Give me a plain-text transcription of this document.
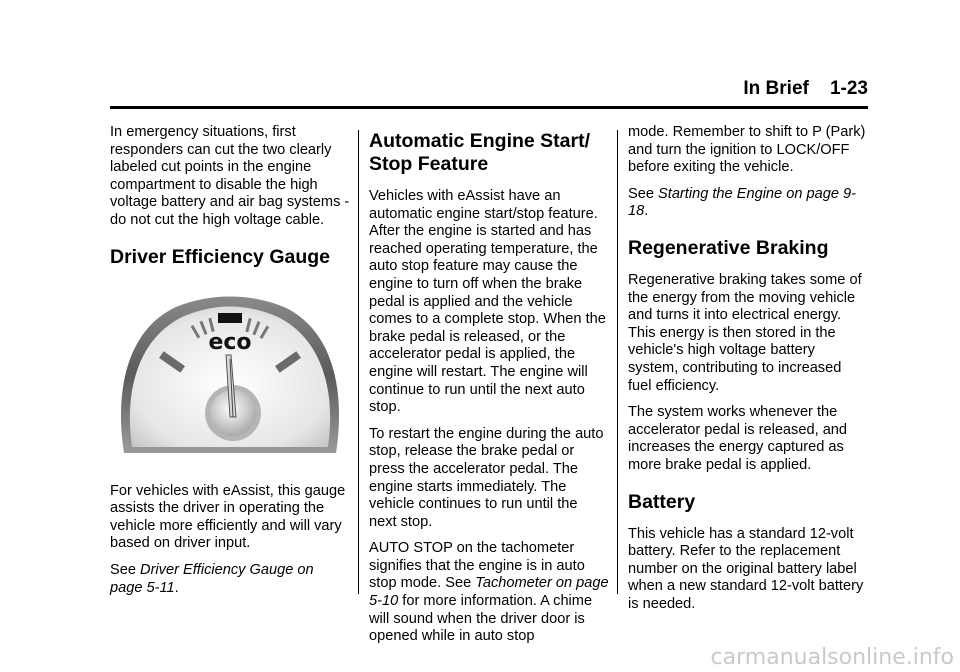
In Brief 1-23

In emergency situations, first responders can cut the two clearly labeled cut points in the engine compartment to disable the high voltage battery and air bag systems - do not cut the high voltage cable.

Driver Efficiency Gauge
eco

For vehicles with eAssist, this gauge assists the driver in operating the vehicle more efficiently and will vary based on driver input.

See Driver Efficiency Gauge on page 5-11.

Automatic Engine Start/ Stop Feature

Vehicles with eAssist have an automatic engine start/stop feature. After the engine is started and has reached operating temperature, the auto stop feature may cause the engine to turn off when the brake pedal is applied and the vehicle comes to a complete stop. When the brake pedal is released, or the accelerator pedal is applied, the engine will restart. The engine will continue to run until the next auto stop.

To restart the engine during the auto stop, release the brake pedal or press the accelerator pedal. The engine starts immediately. The vehicle continues to run until the next stop.

AUTO STOP on the tachometer signifies that the engine is in auto stop mode. See Tachometer on page 5-10 for more information. A chime will sound when the driver door is opened while in auto stop

mode. Remember to shift to P (Park) and turn the ignition to LOCK/OFF before exiting the vehicle.

See Starting the Engine on page 9-18.

Regenerative Braking

Regenerative braking takes some of the energy from the moving vehicle and turns it into electrical energy. This energy is then stored in the vehicle's high voltage battery system, contributing to increased fuel efficiency.

The system works whenever the accelerator pedal is released, and increases the energy captured as more brake pedal is applied.

Battery

This vehicle has a standard 12-volt battery. Refer to the replacement number on the original battery label when a new standard 12-volt battery is needed.

carmanualsonline.info
